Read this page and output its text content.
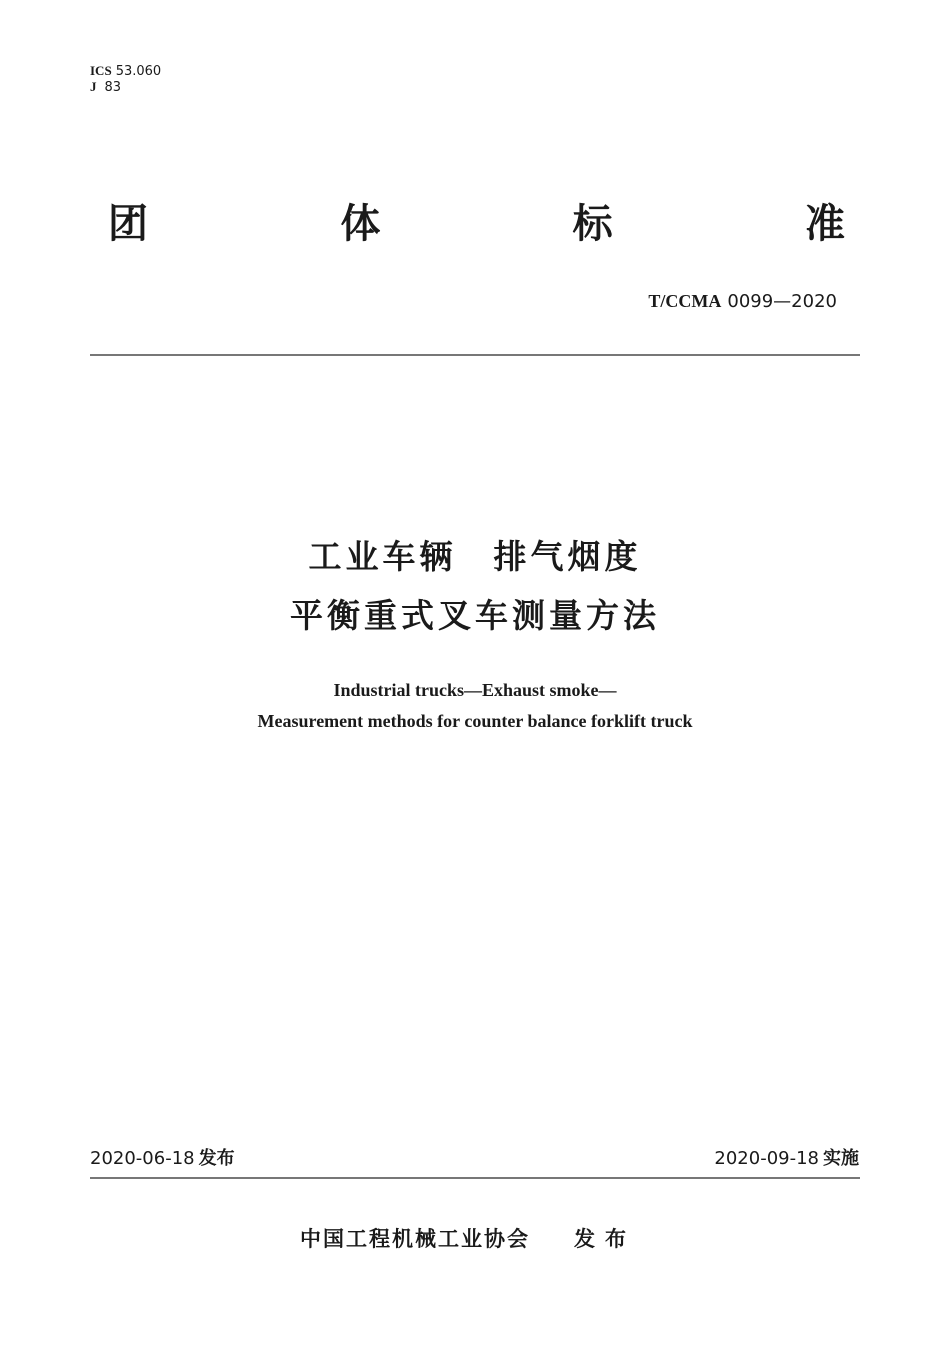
ICS 53.060
J 83
团	体	标	准
T/CCMA 0099—2020
工业车辆　排气烟度
平衡重式叉车测量方法
Industrial trucks—Exhaust smoke—
Measurement methods for counter balance forklift truck
2020-06-18 发布	2020-09-18 实施
中国工程机械工业协会 发布
